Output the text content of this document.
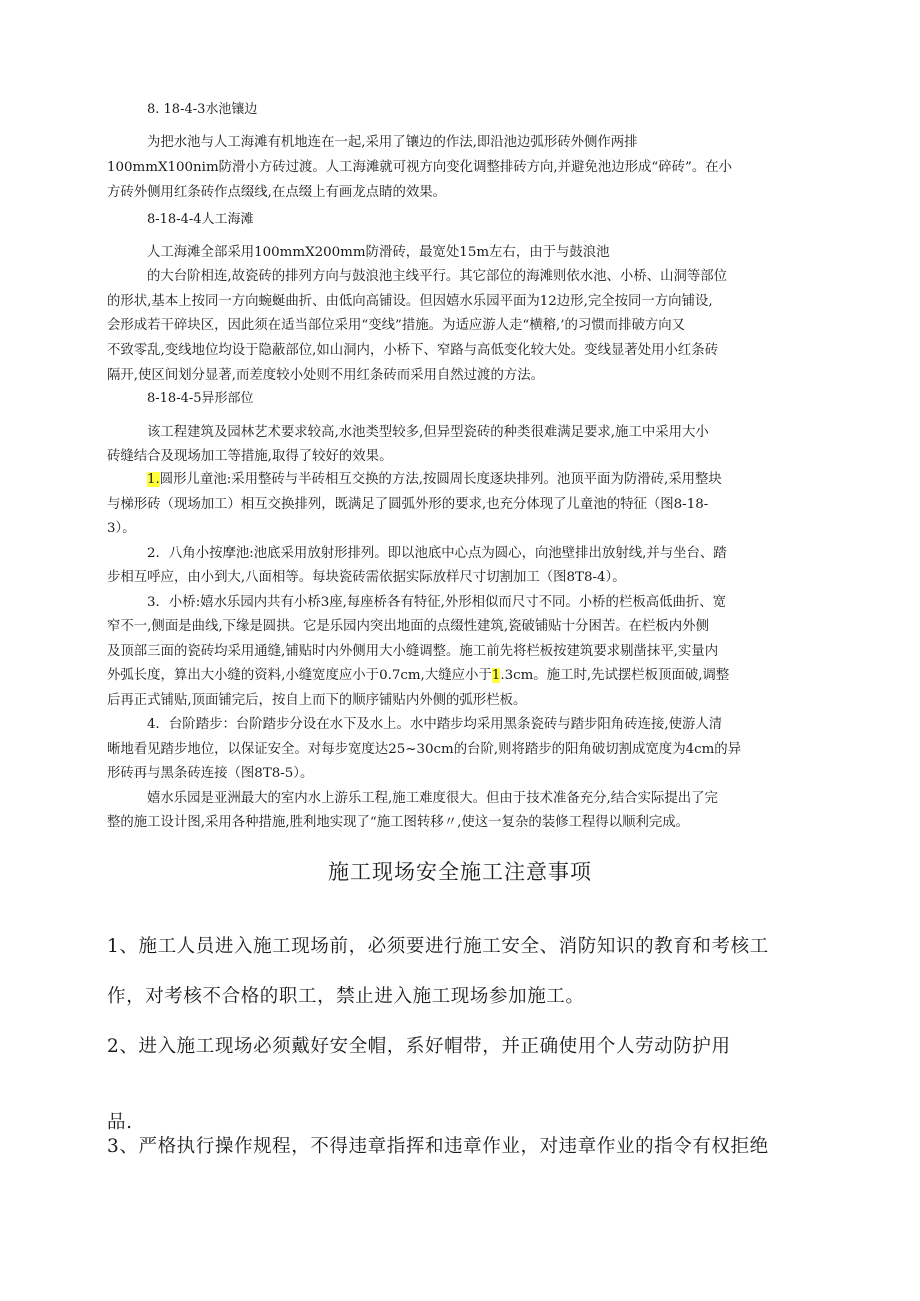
8. 18-4-3水池镶边
为把水池与人工海滩有机地连在一起,采用了镶边的作法,即沿池边弧形砖外侧作两排
100mmX100nim防滑小方砖过渡。人工海滩就可视方向变化调整排砖方向,并避免池边形成“碎砖”。在小
方砖外侧用红条砖作点缀线,在点缀上有画龙点睛的效果。
8-18-4-4人工海滩
人工海滩全部采用100mmX200mm防滑砖，最宽处15m左右，由于与鼓浪池
的大台阶相连,故瓷砖的排列方向与鼓浪池主线平行。其它部位的海滩则依水池、小桥、山洞等部位
的形状,基本上按同一方向蜿蜒曲折、由低向高铺设。但因嬉水乐园平面为12边形,完全按同一方向铺设,
会形成若干碎块区，因此须在适当部位采用“变线”措施。为适应游人走“横穃,’的习惯而排破方向又
不致零乱,变线地位均设于隐蔽部位,如山洞内，小桥下、窄路与高低变化较大处。变线显著处用小红条砖
隔开,使区间划分显著,而差度较小处则不用红条砖而采用自然过渡的方法。
8-18-4-5异形部位
该工程建筑及园林艺术要求较高,水池类型较多,但异型瓷砖的种类很难满足要求,施工中采用大小
砖缝结合及现场加工等措施,取得了较好的效果。
1.圆形儿童池:采用整砖与半砖相互交换的方法,按圆周长度逐块排列。池顶平面为防滑砖,采用整块
与梯形砖（现场加工）相互交换排列，既满足了圆弧外形的要求,也充分体现了儿童池的特征（图8-18-
3）。
2．八角小按摩池:池底采用放射形排列。即以池底中心点为圆心，向池壁排出放射线,并与坐台、踏
步相互呼应，由小到大,八面相等。每块瓷砖需依据实际放样尺寸切割加工（图8T8-4）。
3．小桥:嬉水乐园内共有小桥3座,每座桥各有特征,外形相似而尺寸不同。小桥的栏板高低曲折、宽
窄不一,侧面是曲线,下缘是圆拱。它是乐园内突出地面的点缀性建筑,瓷破铺贴十分困苦。在栏板内外侧
及顶部三面的瓷砖均采用通缝,铺贴时内外侧用大小缝调整。施工前先将栏板按建筑要求剔凿抹平,实量内
外弧长度，算出大小缝的资料,小缝宽度应小于0.7cm,大缝应小于1.3cm。施工时,先试摆栏板顶面破,调整
后再正式铺贴,顶面铺完后，按自上而下的顺序铺贴内外侧的弧形栏板。
4．台阶踏步：台阶踏步分设在水下及水上。水中踏步均采用黑条瓷砖与踏步阳角砖连接,使游人清
晰地看见踏步地位，以保证安全。对每步宽度达25~30cm的台阶,则将踏步的阳角破切割成宽度为4cm的异
形砖再与黑条砖连接（图8T8-5）。
嬉水乐园是亚洲最大的室内水上游乐工程,施工难度很大。但由于技术准备充分,结合实际提出了完
整的施工设计图,采用各种措施,胜利地实现了“施工图转移〃,使这一复杂的装修工程得以顺利完成。
施工现场安全施工注意事项
1、施工人员进入施工现场前，必须要进行施工安全、消防知识的教育和考核工
作，对考核不合格的职工，禁止进入施工现场参加施工。
2、进入施工现场必须戴好安全帽，系好帽带，并正确使用个人劳动防护用
品.
3、严格执行操作规程，不得违章指挥和违章作业，对违章作业的指令有权拒绝
